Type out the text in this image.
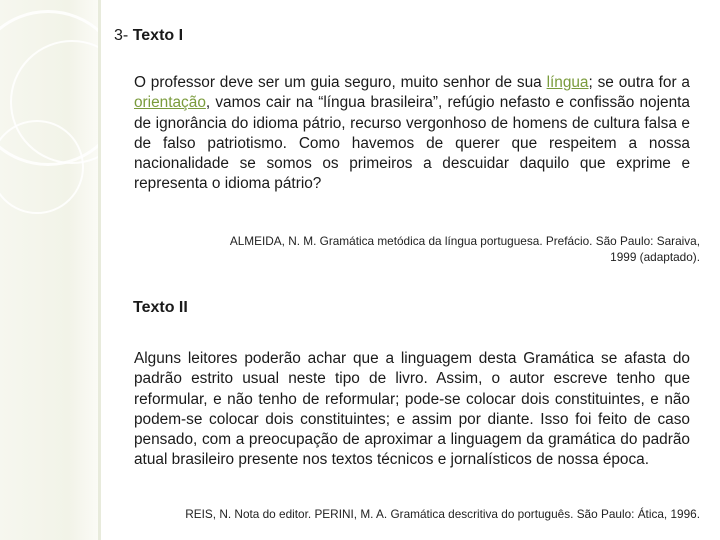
3- Texto I

O professor deve ser um guia seguro, muito senhor de sua língua; se outra for a orientação, vamos cair na “língua brasileira”, refúgio nefasto e confissão nojenta de ignorância do idioma pátrio, recurso vergonhoso de homens de cultura falsa e de falso patriotismo. Como havemos de querer que respeitem a nossa nacionalidade se somos os primeiros a descuidar daquilo que exprime e representa o idioma pátrio?

ALMEIDA, N. M. Gramática metódica da língua portuguesa. Prefácio. São Paulo: Saraiva,
1999 (adaptado).
Texto II

Alguns leitores poderão achar que a linguagem desta Gramática se afasta do padrão estrito usual neste tipo de livro. Assim, o autor escreve tenho que reformular, e não tenho de reformular; pode-se colocar dois constituintes, e não podem-se colocar dois constituintes; e assim por diante. Isso foi feito de caso pensado, com a preocupação de aproximar a linguagem da gramática do padrão atual brasileiro presente nos textos técnicos e jornalísticos de nossa época.

REIS, N. Nota do editor. PERINI, M. A. Gramática descritiva do português. São Paulo: Ática, 1996.
